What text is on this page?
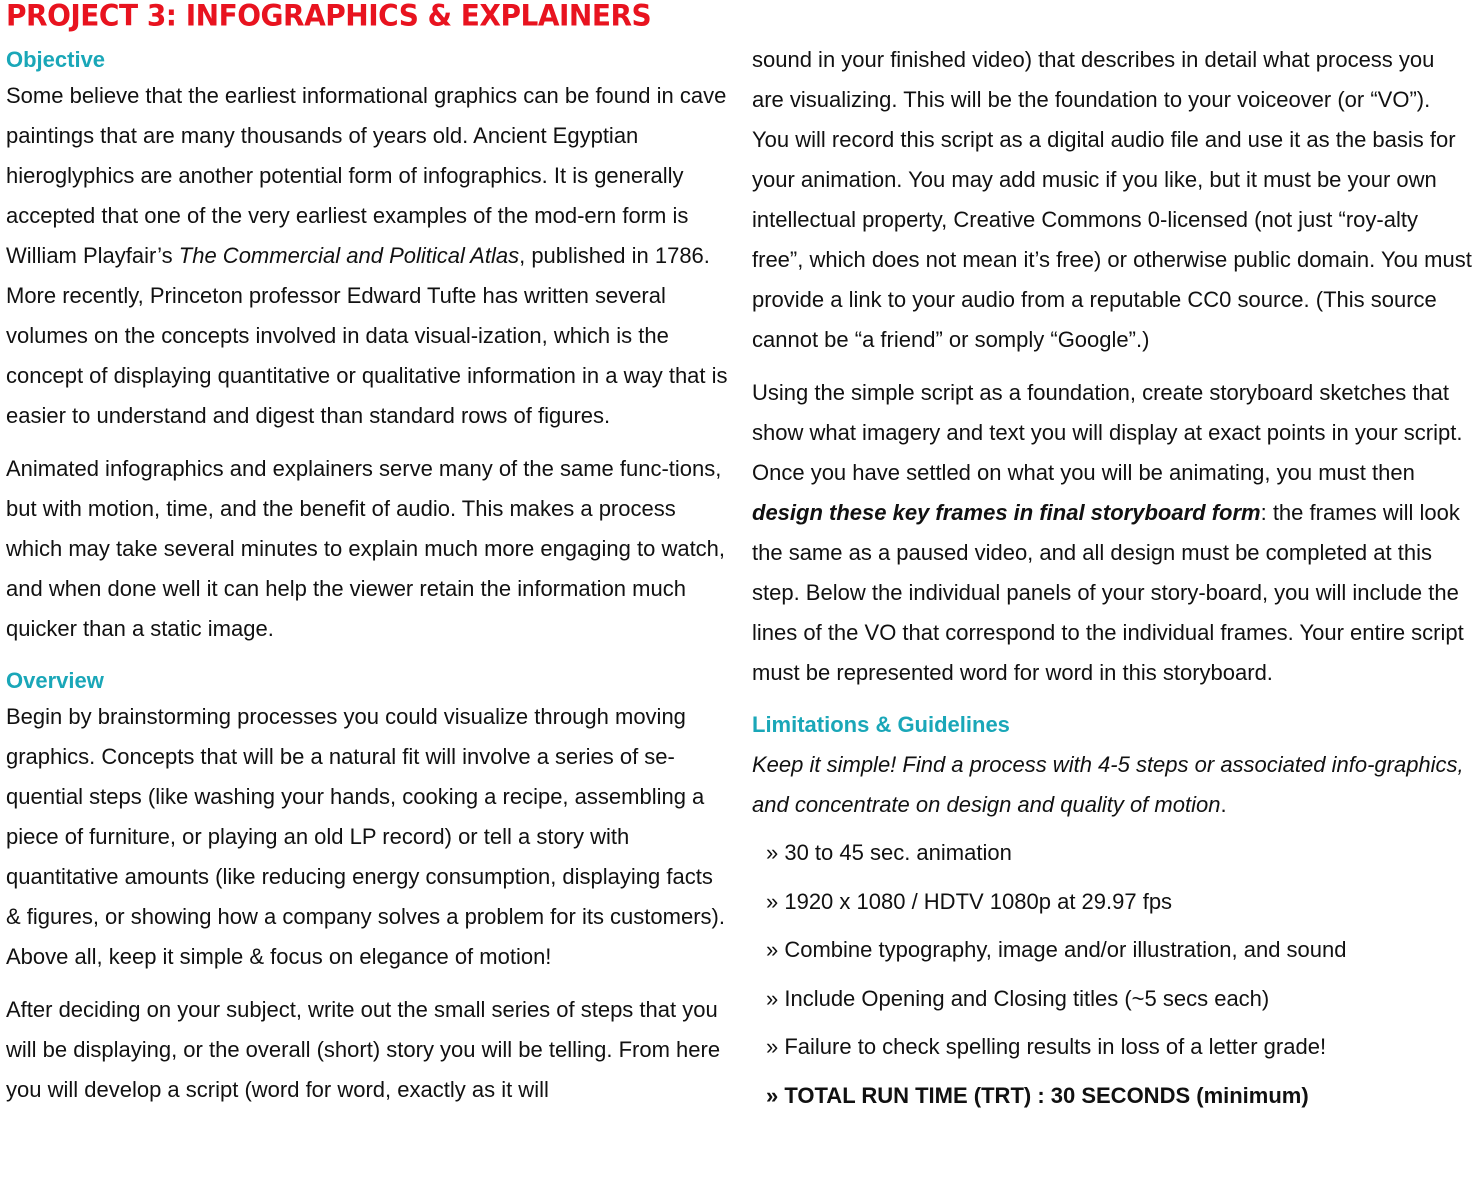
PROJECT 3: INFOGRAPHICS & EXPLAINERS
Objective

Some believe that the earliest informational graphics can be found in cave paintings that are many thousands of years old. Ancient Egyptian hieroglyphics are another potential form of infographics. It is generally accepted that one of the very earliest examples of the mod-ern form is William Playfair’s The Commercial and Political Atlas, published in 1786. More recently, Princeton professor Edward Tufte has written several volumes on the concepts involved in data visual-ization, which is the concept of displaying quantitative or qualitative information in a way that is easier to understand and digest than standard rows of figures.

Animated infographics and explainers serve many of the same func-tions, but with motion, time, and the benefit of audio. This makes a process which may take several minutes to explain much more engaging to watch, and when done well it can help the viewer retain the information much quicker than a static image.

Overview

Begin by brainstorming processes you could visualize through moving graphics. Concepts that will be a natural fit will involve a series of se-quential steps (like washing your hands, cooking a recipe, assembling a piece of furniture, or playing an old LP record) or tell a story with quantitative amounts (like reducing energy consumption, displaying facts & figures, or showing how a company solves a problem for its customers). Above all, keep it simple & focus on elegance of motion!

After deciding on your subject, write out the small series of steps that you will be displaying, or the overall (short) story you will be telling. From here you will develop a script (word for word, exactly as it will

sound in your finished video) that describes in detail what process you are visualizing. This will be the foundation to your voiceover (or “VO”). You will record this script as a digital audio file and use it as the basis for your animation. You may add music if you like, but it must be your own intellectual property, Creative Commons 0-licensed (not just “roy-alty free”, which does not mean it’s free) or otherwise public domain. You must provide a link to your audio from a reputable CC0 source. (This source cannot be “a friend” or somply “Google”.)

Using the simple script as a foundation, create storyboard sketches that show what imagery and text you will display at exact points in your script. Once you have settled on what you will be animating, you must then design these key frames in final storyboard form: the frames will look the same as a paused video, and all design must be completed at this step. Below the individual panels of your story-board, you will include the lines of the VO that correspond to the individual frames. Your entire script must be represented word for word in this storyboard.

Limitations & Guidelines

Keep it simple! Find a process with 4-5 steps or associated info-graphics, and concentrate on design and quality of motion.

» 30 to 45 sec. animation
» 1920 x 1080 / HDTV 1080p at 29.97 fps
» Combine typography, image and/or illustration, and sound
» Include Opening and Closing titles (~5 secs each)
» Failure to check spelling results in loss of a letter grade!
» TOTAL RUN TIME (TRT) : 30 SECONDS (minimum)
